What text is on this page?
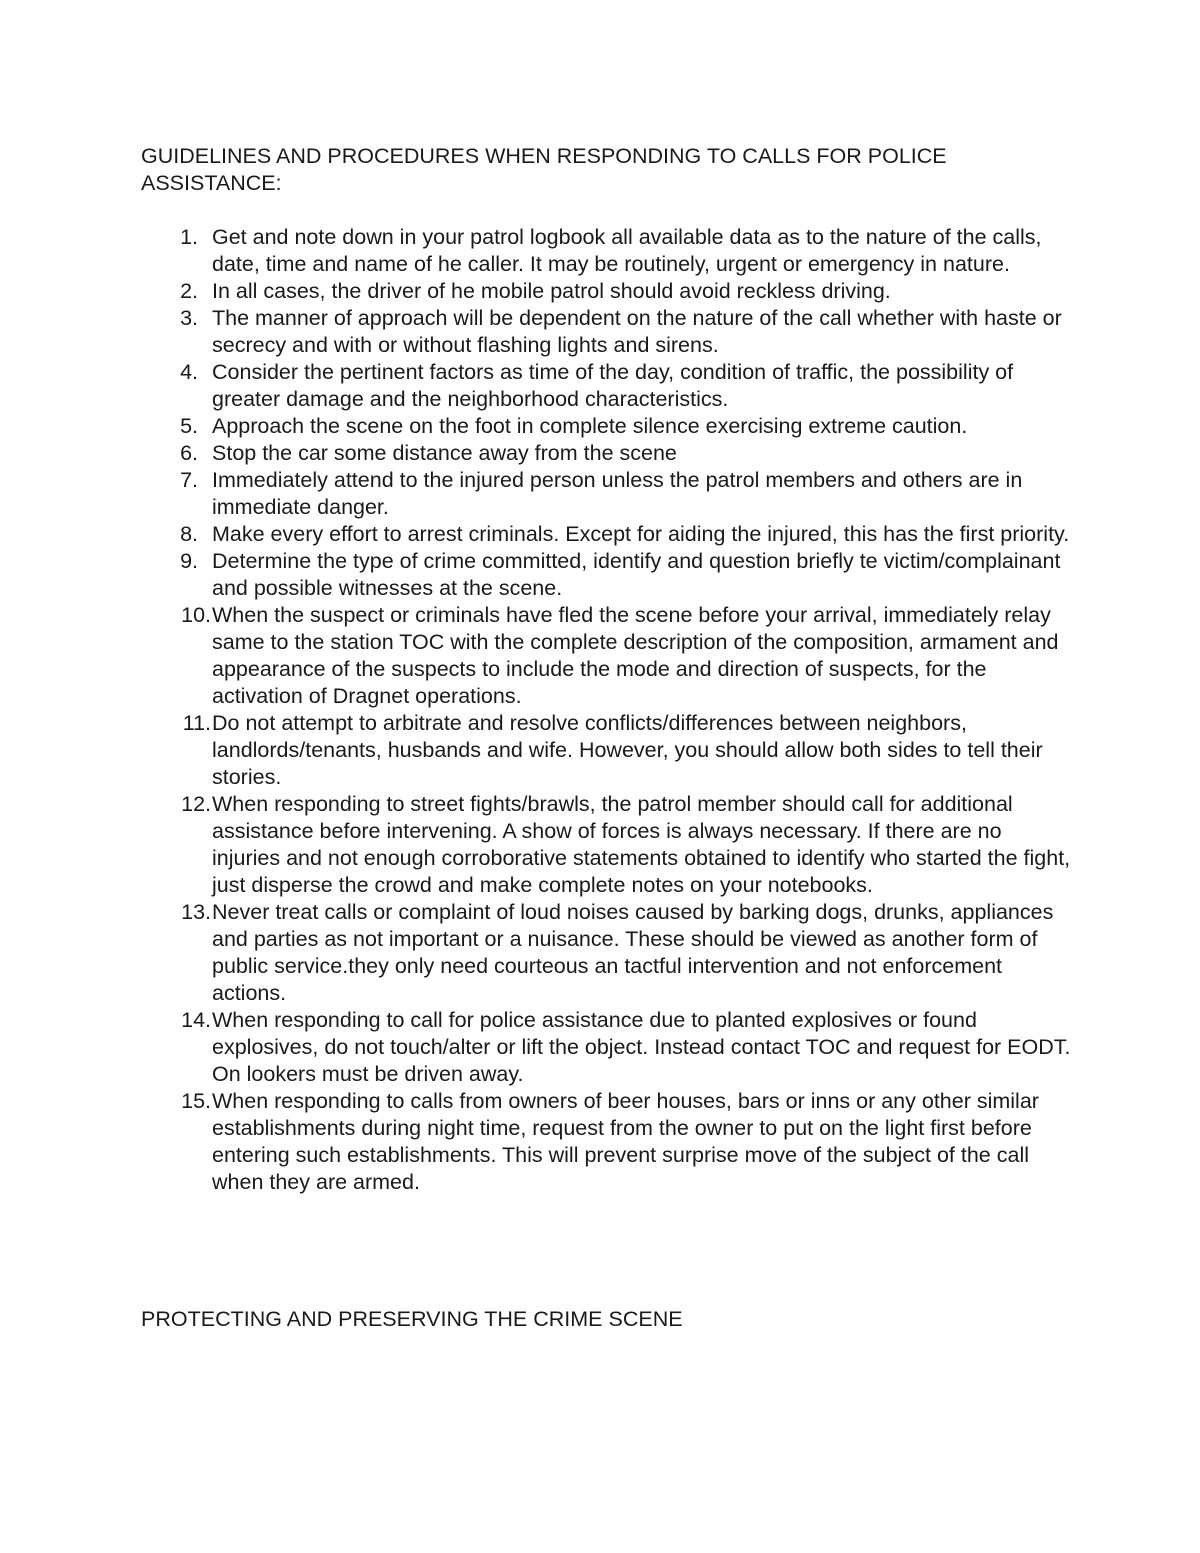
GUIDELINES AND PROCEDURES WHEN RESPONDING TO CALLS FOR POLICE ASSISTANCE:
1. Get and note down in your patrol logbook all available data as to the nature of the calls, date, time and name of he caller. It may be routinely, urgent or emergency in nature.
2. In all cases, the driver of he mobile patrol should avoid reckless driving.
3. The manner of approach will be dependent on the nature of the call whether with haste or secrecy and with or without flashing lights and sirens.
4. Consider the pertinent factors as time of the day, condition of traffic, the possibility of greater damage and the neighborhood characteristics.
5. Approach the scene on the foot in complete silence exercising extreme caution.
6. Stop the car some distance away from the scene
7. Immediately attend to the injured person unless the patrol members and others are in immediate danger.
8. Make every effort to arrest criminals. Except for aiding the injured, this has the first priority.
9. Determine the type of crime committed, identify and question briefly te victim/complainant and possible witnesses at the scene.
10. When the suspect or criminals have fled the scene before your arrival, immediately relay same to the station TOC with the complete description of the composition, armament and appearance of the suspects to include the mode and direction of suspects, for the activation of Dragnet operations.
11. Do not attempt to arbitrate and resolve conflicts/differences between neighbors, landlords/tenants, husbands and wife. However, you should allow both sides to tell their stories.
12. When responding to street fights/brawls, the patrol member should call for additional assistance before intervening. A show of forces is always necessary. If there are no injuries and not enough corroborative statements obtained to identify who started the fight, just disperse the crowd and make complete notes on your notebooks.
13. Never treat calls or complaint of loud noises caused by barking dogs, drunks, appliances and parties as not important or a nuisance. These should be viewed as another form of public service.they only need courteous an tactful intervention and not enforcement actions.
14. When responding to call for police assistance due to planted explosives or found explosives, do not touch/alter or lift the object. Instead contact TOC and request for EODT. On lookers must be driven away.
15. When responding to calls from owners of beer houses, bars or inns or any other similar establishments during night time, request from the owner to put on the light first before entering such establishments. This will prevent surprise move of the subject of the call when they are armed.
PROTECTING AND PRESERVING THE CRIME SCENE
